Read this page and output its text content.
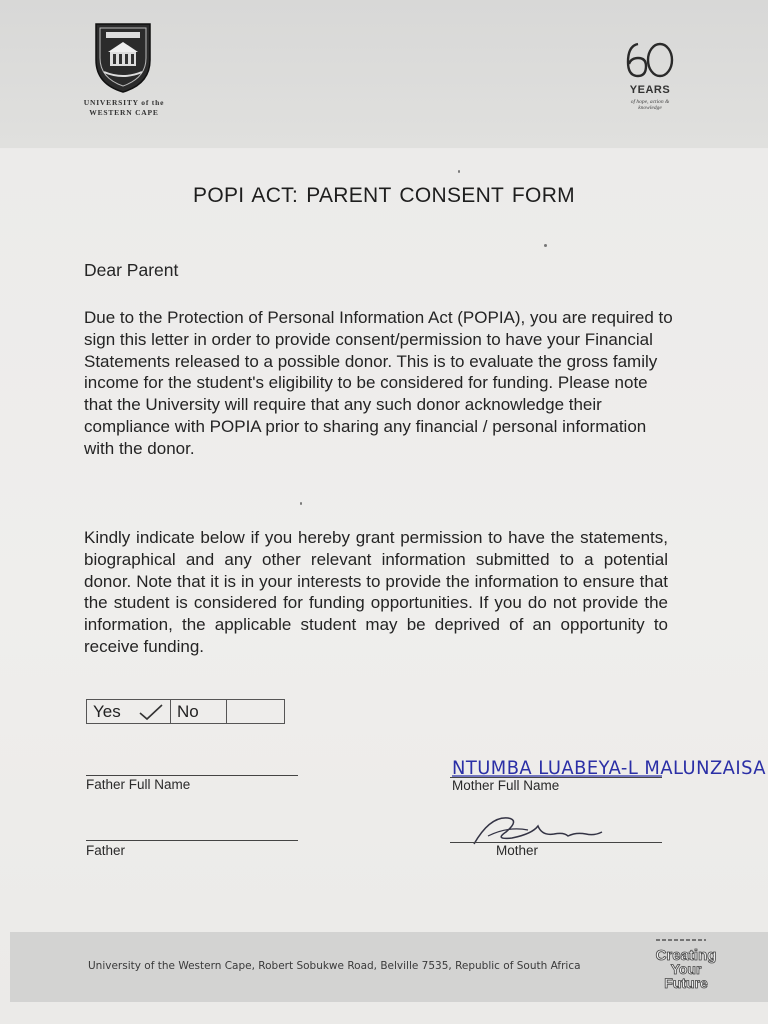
UNIVERSITY of the WESTERN CAPE
YEARS
of hope, action & knowledge
POPI ACT: PARENT CONSENT FORM
Dear Parent

Due to the Protection of Personal Information Act (POPIA), you are required to sign this letter in order to provide consent/permission to have your Financial Statements released to a possible donor. This is to evaluate the gross family income for the student's eligibility to be considered for funding. Please note that the University will require that any such donor acknowledge their compliance with POPIA prior to sharing any financial / personal information with the donor.

Kindly indicate below if you hereby grant permission to have the statements, biographical and any other relevant information submitted to a potential donor. Note that it is in your interests to provide the information to ensure that the student is considered for funding opportunities. If you do not provide the information, the applicable student may be deprived of an opportunity to receive funding.

Yes	No
Father Full Name
NTUMBA LUABEYA-L MALUNZAISA
Mother Full Name
Father	Mother
University of the Western Cape, Robert Sobukwe Road, Belville 7535, Republic of South Africa
Creating
Your
Future
